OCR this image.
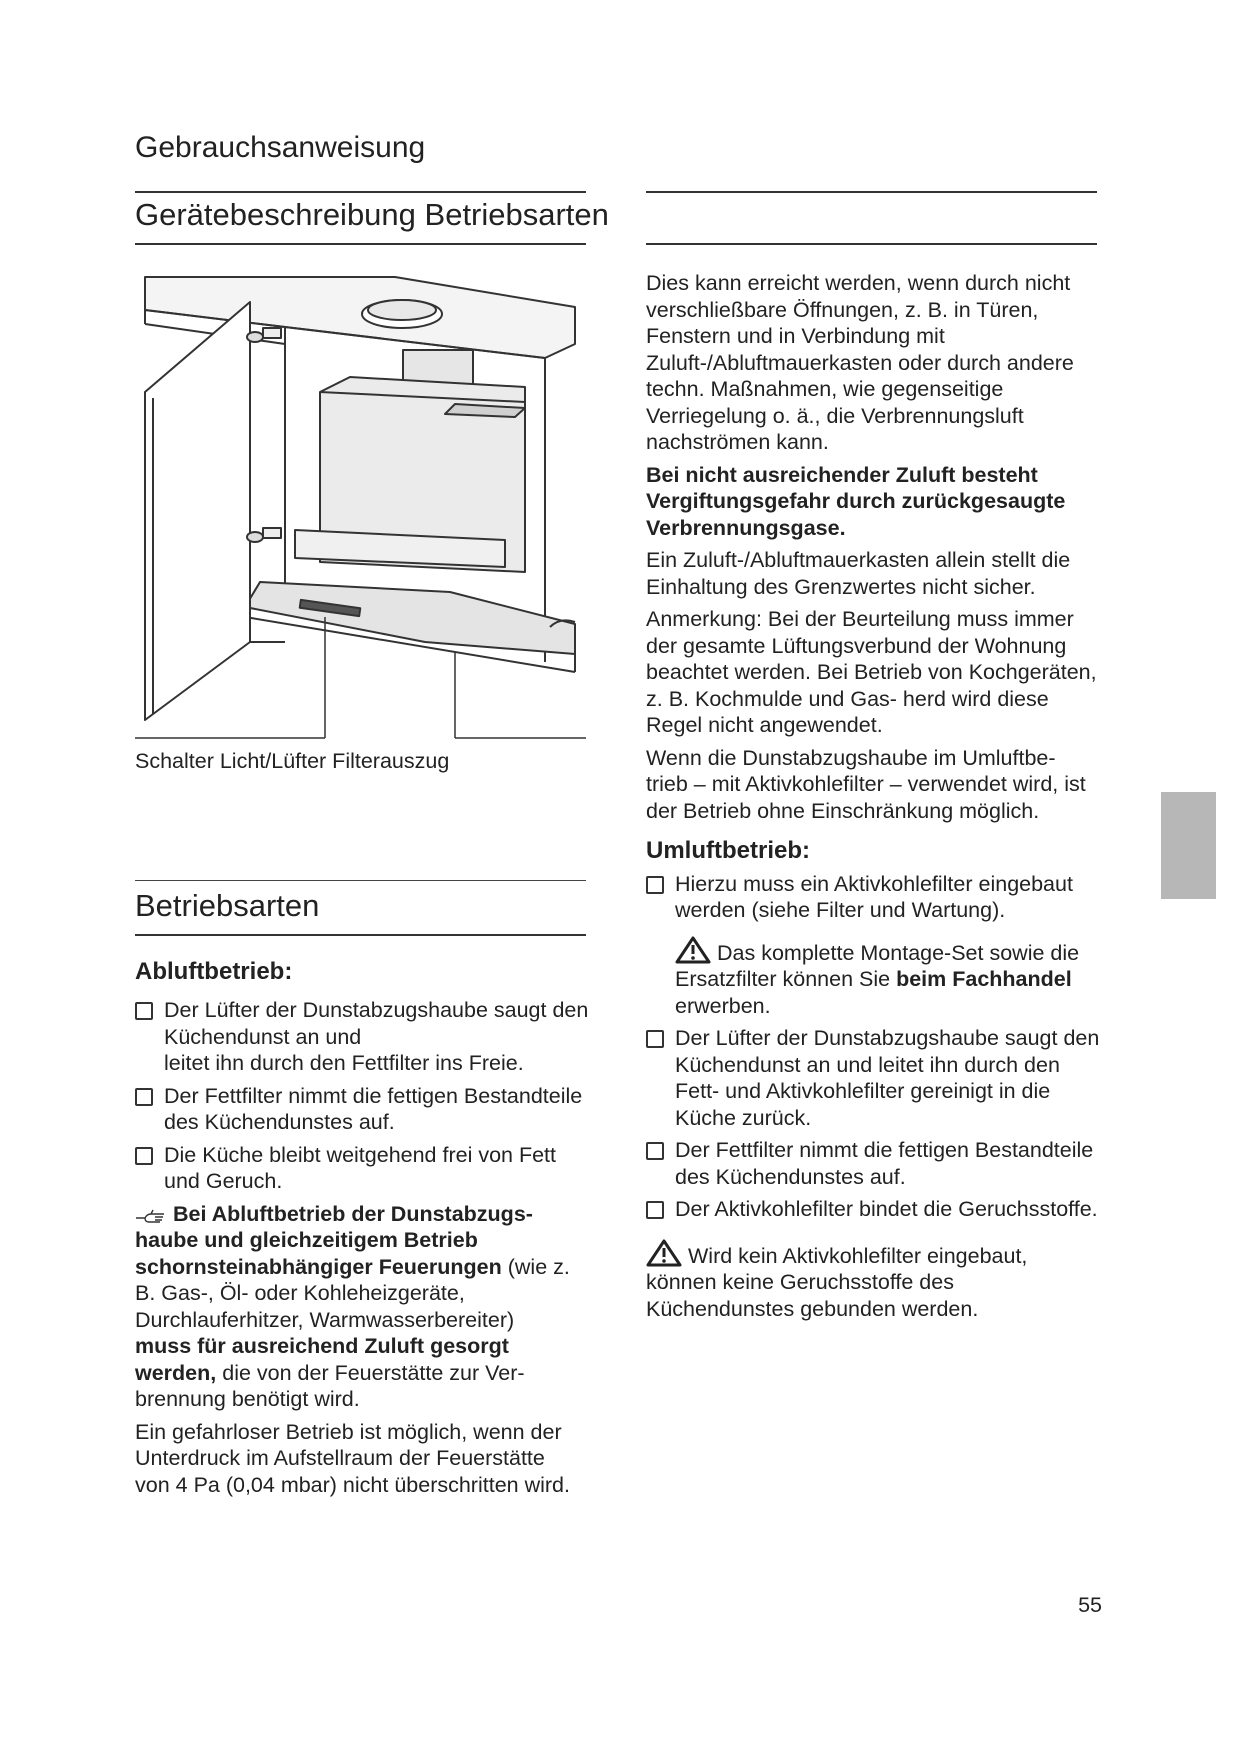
Gebrauchsanweisung
Gerätebeschreibung Betriebsarten
Schalter Licht/Lüfter Filterauszug
Betriebsarten
Abluftbetrieb:
Der Lüfter der Dunstabzugshaube saugt den Küchendunst an und
leitet ihn durch den Fettfilter ins Freie.
Der Fettfilter nimmt die fettigen Bestandteile des Küchendunstes auf.
Die Küche bleibt weitgehend frei von Fett und Geruch.
Bei Abluftbetrieb der Dunstabzugs- haube und gleichzeitigem Betrieb schornsteinabhängiger Feuerungen (wie z. B. Gas-, Öl- oder Kohleheizgeräte, Durchlauferhitzer, Warmwasserbereiter) muss für ausreichend Zuluft gesorgt werden, die von der Feuerstätte zur Ver- brennung benötigt wird.
Ein gefahrloser Betrieb ist möglich, wenn der Unterdruck im Aufstellraum der Feuerstätte von 4 Pa (0,04 mbar) nicht überschritten wird.
Dies kann erreicht werden, wenn durch nicht verschließbare Öffnungen, z. B. in Türen, Fenstern und in Verbindung mit Zuluft-/Abluftmauerkasten oder durch andere techn. Maßnahmen, wie gegenseitige Verriegelung o. ä., die Verbrennungsluft nachströmen kann.
Bei nicht ausreichender Zuluft besteht Vergiftungsgefahr durch zurückgesaugte Verbrennungsgase.
Ein Zuluft-/Abluftmauerkasten allein stellt die Einhaltung des Grenzwertes nicht sicher.
Anmerkung: Bei der Beurteilung muss immer der gesamte Lüftungsverbund der Wohnung beachtet werden. Bei Betrieb von Kochgeräten, z. B. Kochmulde und Gas- herd wird diese Regel nicht angewendet.
Wenn die Dunstabzugshaube im Umluftbe- trieb – mit Aktivkohlefilter – verwendet wird, ist der Betrieb ohne Einschränkung möglich.
Umluftbetrieb:
Hierzu muss ein Aktivkohlefilter eingebaut werden (siehe Filter und Wartung).
Das komplette Montage-Set sowie die Ersatzfilter können Sie beim Fachhandel erwerben.
Der Lüfter der Dunstabzugshaube saugt den Küchendunst an und leitet ihn durch den Fett- und Aktivkohlefilter gereinigt in die Küche zurück.
Der Fettfilter nimmt die fettigen Bestandteile des Küchendunstes auf.
Der Aktivkohlefilter bindet die Geruchsstoffe.
Wird kein Aktivkohlefilter eingebaut, können keine Geruchsstoffe des Küchendunstes gebunden werden.
55
